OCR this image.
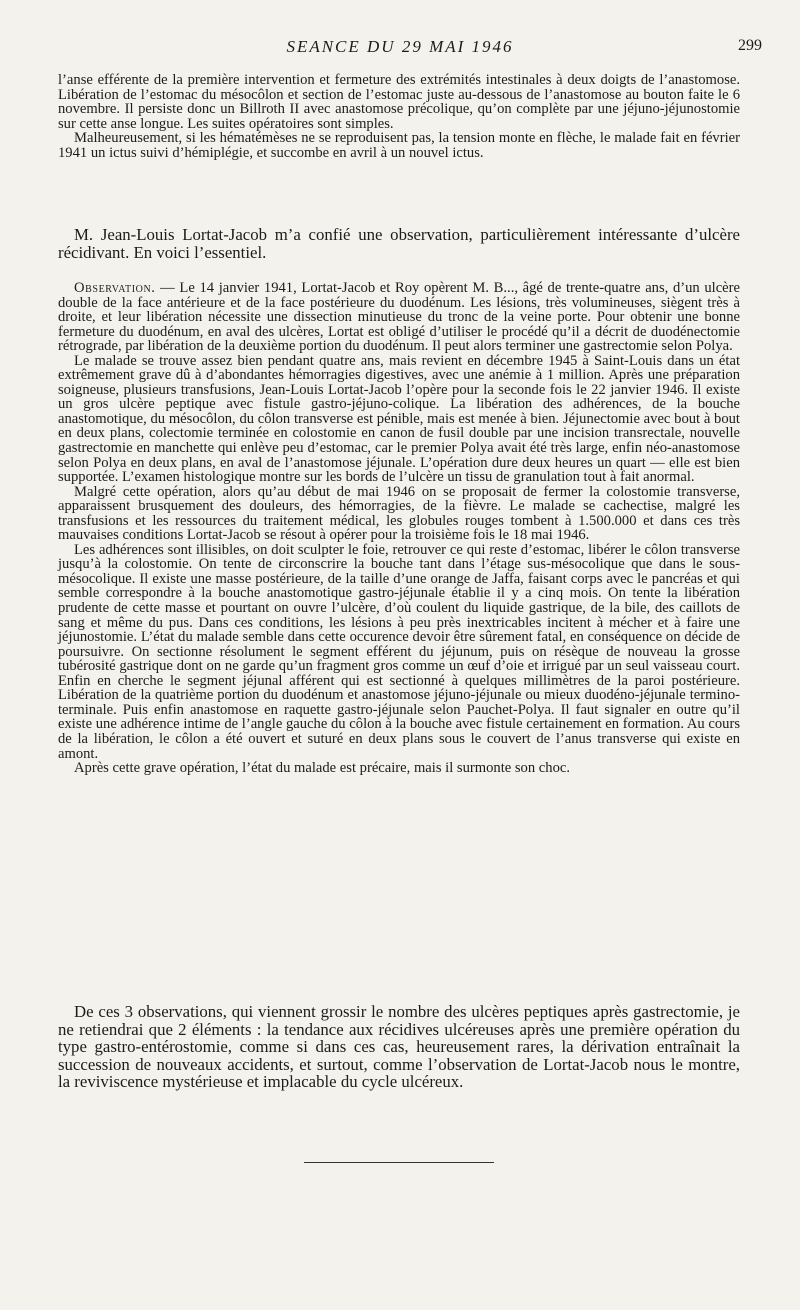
SEANCE DU 29 MAI 1946	299

l’anse efférente de la première intervention et fermeture des extrémités intestinales à deux doigts de l’anastomose. Libération de l’estomac du mésocôlon et section de l’estomac juste au-dessous de l’anastomose au bouton faite le 6 novembre. Il persiste donc un Billroth II avec anastomose précolique, qu’on complète par une jéjuno-jéjunostomie sur cette anse longue. Les suites opératoires sont simples.

Malheureusement, si les hématémèses ne se reproduisent pas, la tension monte en flèche, le malade fait en février 1941 un ictus suivi d’hémiplégie, et succombe en avril à un nouvel ictus.

M. Jean-Louis Lortat-Jacob m’a confié une observation, particulièrement intéressante d’ulcère récidivant. En voici l’essentiel.

Observation. — Le 14 janvier 1941, Lortat-Jacob et Roy opèrent M. B..., âgé de trente-quatre ans, d’un ulcère double de la face antérieure et de la face postérieure du duodénum. Les lésions, très volumineuses, siègent très à droite, et leur libération nécessite une dissection minutieuse du tronc de la veine porte. Pour obtenir une bonne fermeture du duodénum, en aval des ulcères, Lortat est obligé d’utiliser le procédé qu’il a décrit de duodénectomie rétrograde, par libération de la deuxième portion du duodénum. Il peut alors terminer une gastrectomie selon Polya.

Le malade se trouve assez bien pendant quatre ans, mais revient en décembre 1945 à Saint-Louis dans un état extrêmement grave dû à d’abondantes hémorragies digestives, avec une anémie à 1 million. Après une préparation soigneuse, plusieurs transfusions, Jean-Louis Lortat-Jacob l’opère pour la seconde fois le 22 janvier 1946. Il existe un gros ulcère peptique avec fistule gastro-jéjuno-colique. La libération des adhérences, de la bouche anastomotique, du mésocôlon, du côlon transverse est pénible, mais est menée à bien. Jéjunectomie avec bout à bout en deux plans, colectomie terminée en colostomie en canon de fusil double par une incision transrectale, nouvelle gastrectomie en manchette qui enlève peu d’estomac, car le premier Polya avait été très large, enfin néo-anastomose selon Polya en deux plans, en aval de l’anastomose jéjunale. L’opération dure deux heures un quart — elle est bien supportée. L’examen histologique montre sur les bords de l’ulcère un tissu de granulation tout à fait anormal.

Malgré cette opération, alors qu’au début de mai 1946 on se proposait de fermer la colostomie transverse, apparaissent brusquement des douleurs, des hémorragies, de la fièvre. Le malade se cachectise, malgré les transfusions et les ressources du traitement médical, les globules rouges tombent à 1.500.000 et dans ces très mauvaises conditions Lortat-Jacob se résout à opérer pour la troisième fois le 18 mai 1946.

Les adhérences sont illisibles, on doit sculpter le foie, retrouver ce qui reste d’estomac, libérer le côlon transverse jusqu’à la colostomie. On tente de circonscrire la bouche tant dans l’étage sus-mésocolique que dans le sous-mésocolique. Il existe une masse postérieure, de la taille d’une orange de Jaffa, faisant corps avec le pancréas et qui semble correspondre à la bouche anastomotique gastro-jéjunale établie il y a cinq mois. On tente la libération prudente de cette masse et pourtant on ouvre l’ulcère, d’où coulent du liquide gastrique, de la bile, des caillots de sang et même du pus. Dans ces conditions, les lésions à peu près inextricables incitent à mécher et à faire une jéjunostomie. L’état du malade semble dans cette occurence devoir être sûrement fatal, en conséquence on décide de poursuivre. On sectionne résolument le segment efférent du jéjunum, puis on résèque de nouveau la grosse tubérosité gastrique dont on ne garde qu’un fragment gros comme un œuf d’oie et irrigué par un seul vaisseau court. Enfin en cherche le segment jéjunal afférent qui est sectionné à quelques millimètres de la paroi postérieure. Libération de la quatrième portion du duodénum et anastomose jéjuno-jéjunale ou mieux duodéno-jéjunale termino-terminale. Puis enfin anastomose en raquette gastro-jéjunale selon Pauchet-Polya. Il faut signaler en outre qu’il existe une adhérence intime de l’angle gauche du côlon à la bouche avec fistule certainement en formation. Au cours de la libération, le côlon a été ouvert et suturé en deux plans sous le couvert de l’anus transverse qui existe en amont.

Après cette grave opération, l’état du malade est précaire, mais il surmonte son choc.

De ces 3 observations, qui viennent grossir le nombre des ulcères peptiques après gastrectomie, je ne retiendrai que 2 éléments : la tendance aux récidives ulcéreuses après une première opération du type gastro-entérostomie, comme si dans ces cas, heureusement rares, la dérivation entraînait la succession de nouveaux accidents, et surtout, comme l’observation de Lortat-Jacob nous le montre, la reviviscence mystérieuse et implacable du cycle ulcéreux.
